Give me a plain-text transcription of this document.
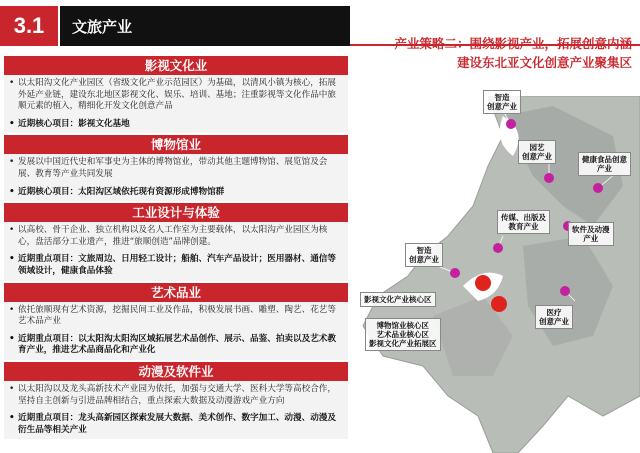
3.1	文旅产业
影视文化业
• 以太阳沟文化产业园区（省级文化产业示范园区）为基础，以清风小镇为核心，拓展外延产业链，建设东北地区影视文化、娱乐、培训、基地；注重影视等文化作品中旅顺元素的植入，精细化开发文化创意产品
• 近期核心项目：影视文化基地
博物馆业
• 发展以中国近代史和军事史为主体的博物馆业，带动其他主题博物馆、展览馆及会展、教育等产业共同发展
• 近期核心项目：太阳沟区域依托现有资源形成博物馆群
工业设计与体验
• 以高校、骨干企业、独立机构以及名人工作室为主要载体，以太阳沟产业园区为核心，盘活部分工业遗产，推进“旅顺创造”品牌创建。
• 近期重点项目：文旅周边、日用轻工设计；船舶、汽车产品设计；医用器材、通信等领域设计，健康食品体验
艺术品业
• 依托旅顺现有艺术资源，挖掘民间工业及作品，积极发展书画、雕塑、陶艺、花艺等艺术品产业
• 近期重点项目：以太阳沟太阳沟区域拓展艺术品创作、展示、品鉴、拍卖以及艺术教育产业，推进艺术品商品化和产业化
动漫及软件业
• 以太阳沟以及龙头高新技术产业园为依托，加强与交通大学、医科大学等高校合作，坚持自主创新与引进品牌相结合，重点探索大数据及动漫游戏产业方向
• 近期重点项目：龙头高新园区探索发展大数据、美术创作、数字加工、动漫、动漫及衍生品等相关产业
产业策略二：围绕影视产业，拓展创意内涵
建设东北亚文化创意产业聚集区
智造
创意产业
园艺
创意产业	健康食品创意
产业
传媒、出版及
教育产业	软件及动漫
产业
智造
创意产业
影视文化产业核心区
医疗
创意产业
博物馆业核心区
艺术品业核心区
影视文化产业拓展区
